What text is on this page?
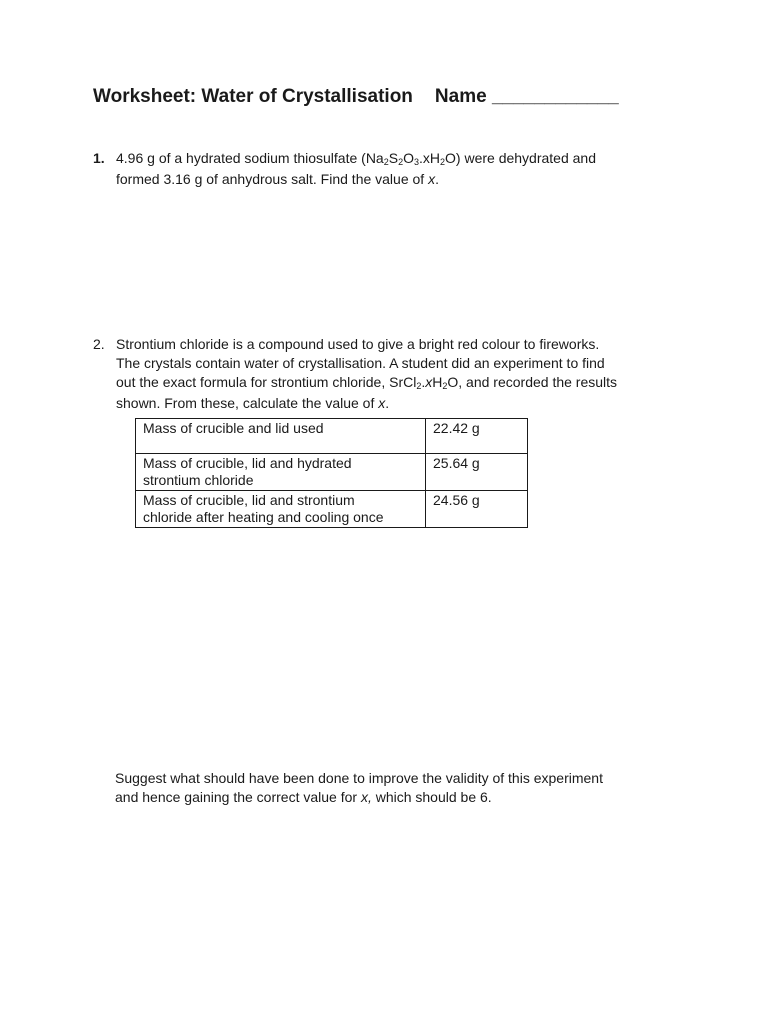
Worksheet: Water of Crystallisation Name ____________
1. 4.96 g of a hydrated sodium thiosulfate $(Na_2S_2O_3.xH_2O)$ were dehydrated and

formed 3.16 g of anhydrous salt. Find the value of x.

2. Strontium chloride is a compound used to give a bright red colour to fireworks.

The crystals contain water of crystallisation. A student did an experiment to find

out the exact formula for strontium chloride, $SrCl_2.xH_2O$, and recorded the results

shown. From these, calculate the value of x.

Mass of crucible and lid used	22.42 g
Mass of crucible, lid and hydrated
strontium chloride	25.64 g
Mass of crucible, lid and strontium
chloride after heating and cooling once	24.56 g

Suggest what should have been done to improve the validity of this experiment

and hence gaining the correct value for x, which should be 6.
